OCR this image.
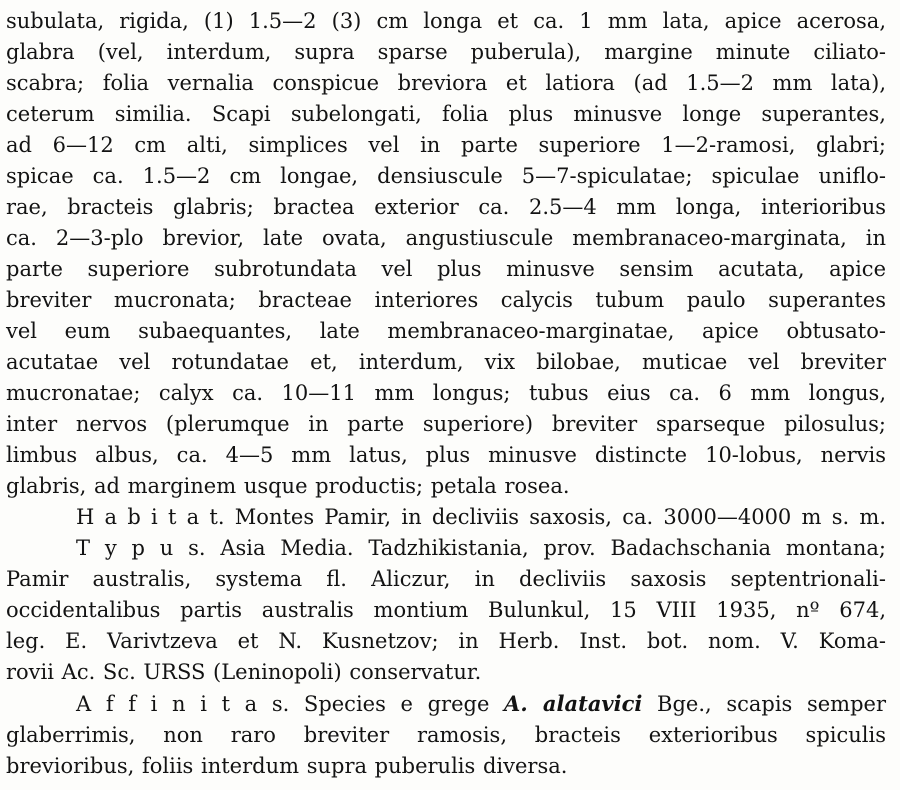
subulata, rigida, (1) 1.5—2 (3) cm longa et ca. 1 mm lata, apice acerosa,

glabra (vel, interdum, supra sparse puberula), margine minute ciliato-

scabra; folia vernalia conspicue breviora et latiora (ad 1.5—2 mm lata),

ceterum similia. Scapi subelongati, folia plus minusve longe superantes,

ad 6—12 cm alti, simplices vel in parte superiore 1—2-ramosi, glabri;

spicae ca. 1.5—2 cm longae, densiuscule 5—7-spiculatae; spiculae uniflo-

rae, bracteis glabris; bractea exterior ca. 2.5—4 mm longa, interioribus

ca. 2—3-plo brevior, late ovata, angustiuscule membranaceo-marginata, in

parte superiore subrotundata vel plus minusve sensim acutata, apice

breviter mucronata; bracteae interiores calycis tubum paulo superantes

vel eum subaequantes, late membranaceo-marginatae, apice obtusato-

acutatae vel rotundatae et, interdum, vix bilobae, muticae vel breviter

mucronatae; calyx ca. 10—11 mm longus; tubus eius ca. 6 mm longus,

inter nervos (plerumque in parte superiore) breviter sparseque pilosulus;

limbus albus, ca. 4—5 mm latus, plus minusve distincte 10-lobus, nervis

glabris, ad marginem usque productis; petala rosea.

H a b i t a t. Montes Pamir, in decliviis saxosis, ca. 3000—4000 m s. m.

T y p u s. Asia Media. Tadzhikistania, prov. Badachschania montana;

Pamir australis, systema fl. Aliczur, in decliviis saxosis septentrionali-

occidentalibus partis australis montium Bulunkul, 15 VIII 1935, nº 674,

leg. E. Varivtzeva et N. Kusnetzov; in Herb. Inst. bot. nom. V. Koma-

rovii Ac. Sc. URSS (Leninopoli) conservatur.

A f f i n i t a s. Species e grege A. alatavici Bge., scapis semper

glaberrimis, non raro breviter ramosis, bracteis exterioribus spiculis

brevioribus, foliis interdum supra puberulis diversa.
